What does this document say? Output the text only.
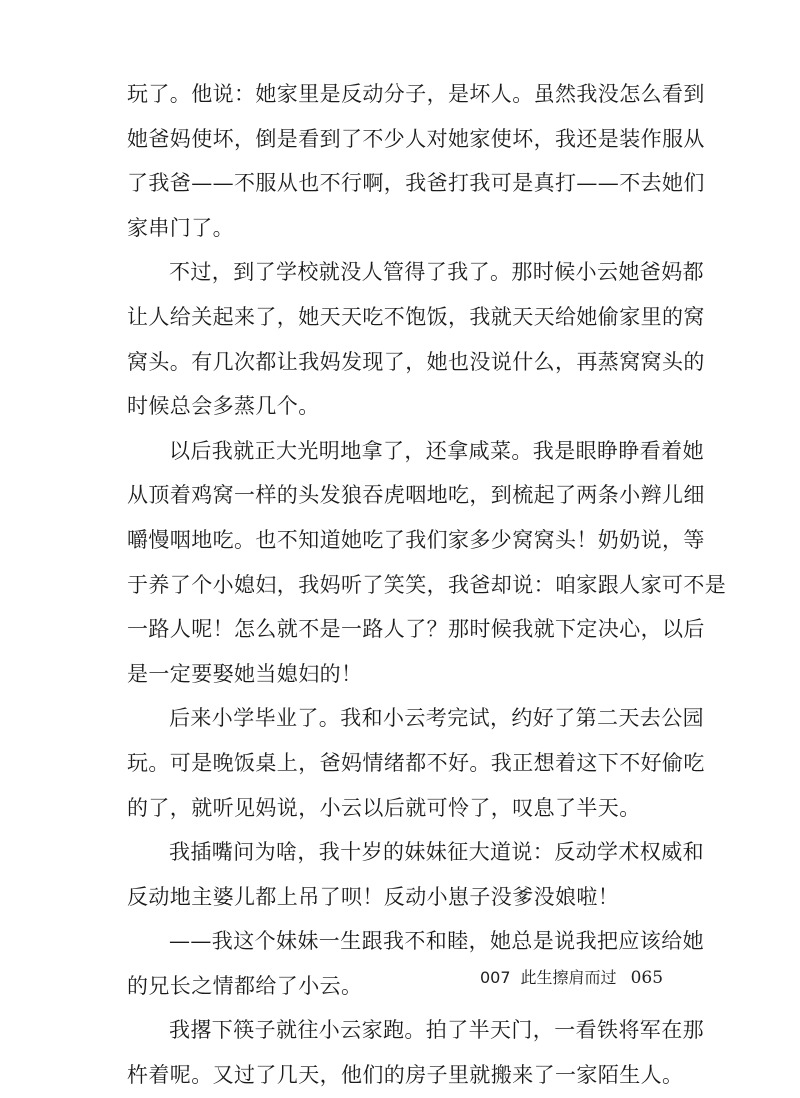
玩了。他说：她家里是反动分子，是坏人。虽然我没怎么看到
她爸妈使坏，倒是看到了不少人对她家使坏，我还是装作服从
了我爸——不服从也不行啊，我爸打我可是真打——不去她们
家串门了。
不过，到了学校就没人管得了我了。那时候小云她爸妈都
让人给关起来了，她天天吃不饱饭，我就天天给她偷家里的窝
窝头。有几次都让我妈发现了，她也没说什么，再蒸窝窝头的
时候总会多蒸几个。
以后我就正大光明地拿了，还拿咸菜。我是眼睁睁看着她
从顶着鸡窝一样的头发狼吞虎咽地吃，到梳起了两条小辫儿细
嚼慢咽地吃。也不知道她吃了我们家多少窝窝头！奶奶说，等
于养了个小媳妇，我妈听了笑笑，我爸却说：咱家跟人家可不是
一路人呢！怎么就不是一路人了？那时候我就下定决心，以后
是一定要娶她当媳妇的！
后来小学毕业了。我和小云考完试，约好了第二天去公园
玩。可是晚饭桌上，爸妈情绪都不好。我正想着这下不好偷吃
的了，就听见妈说，小云以后就可怜了，叹息了半天。
我插嘴问为啥，我十岁的妹妹征大道说：反动学术权威和
反动地主婆儿都上吊了呗！反动小崽子没爹没娘啦！
——我这个妹妹一生跟我不和睦，她总是说我把应该给她
的兄长之情都给了小云。
我撂下筷子就往小云家跑。拍了半天门，一看铁将军在那
杵着呢。又过了几天，他们的房子里就搬来了一家陌生人。
007 此生擦肩而过 065
